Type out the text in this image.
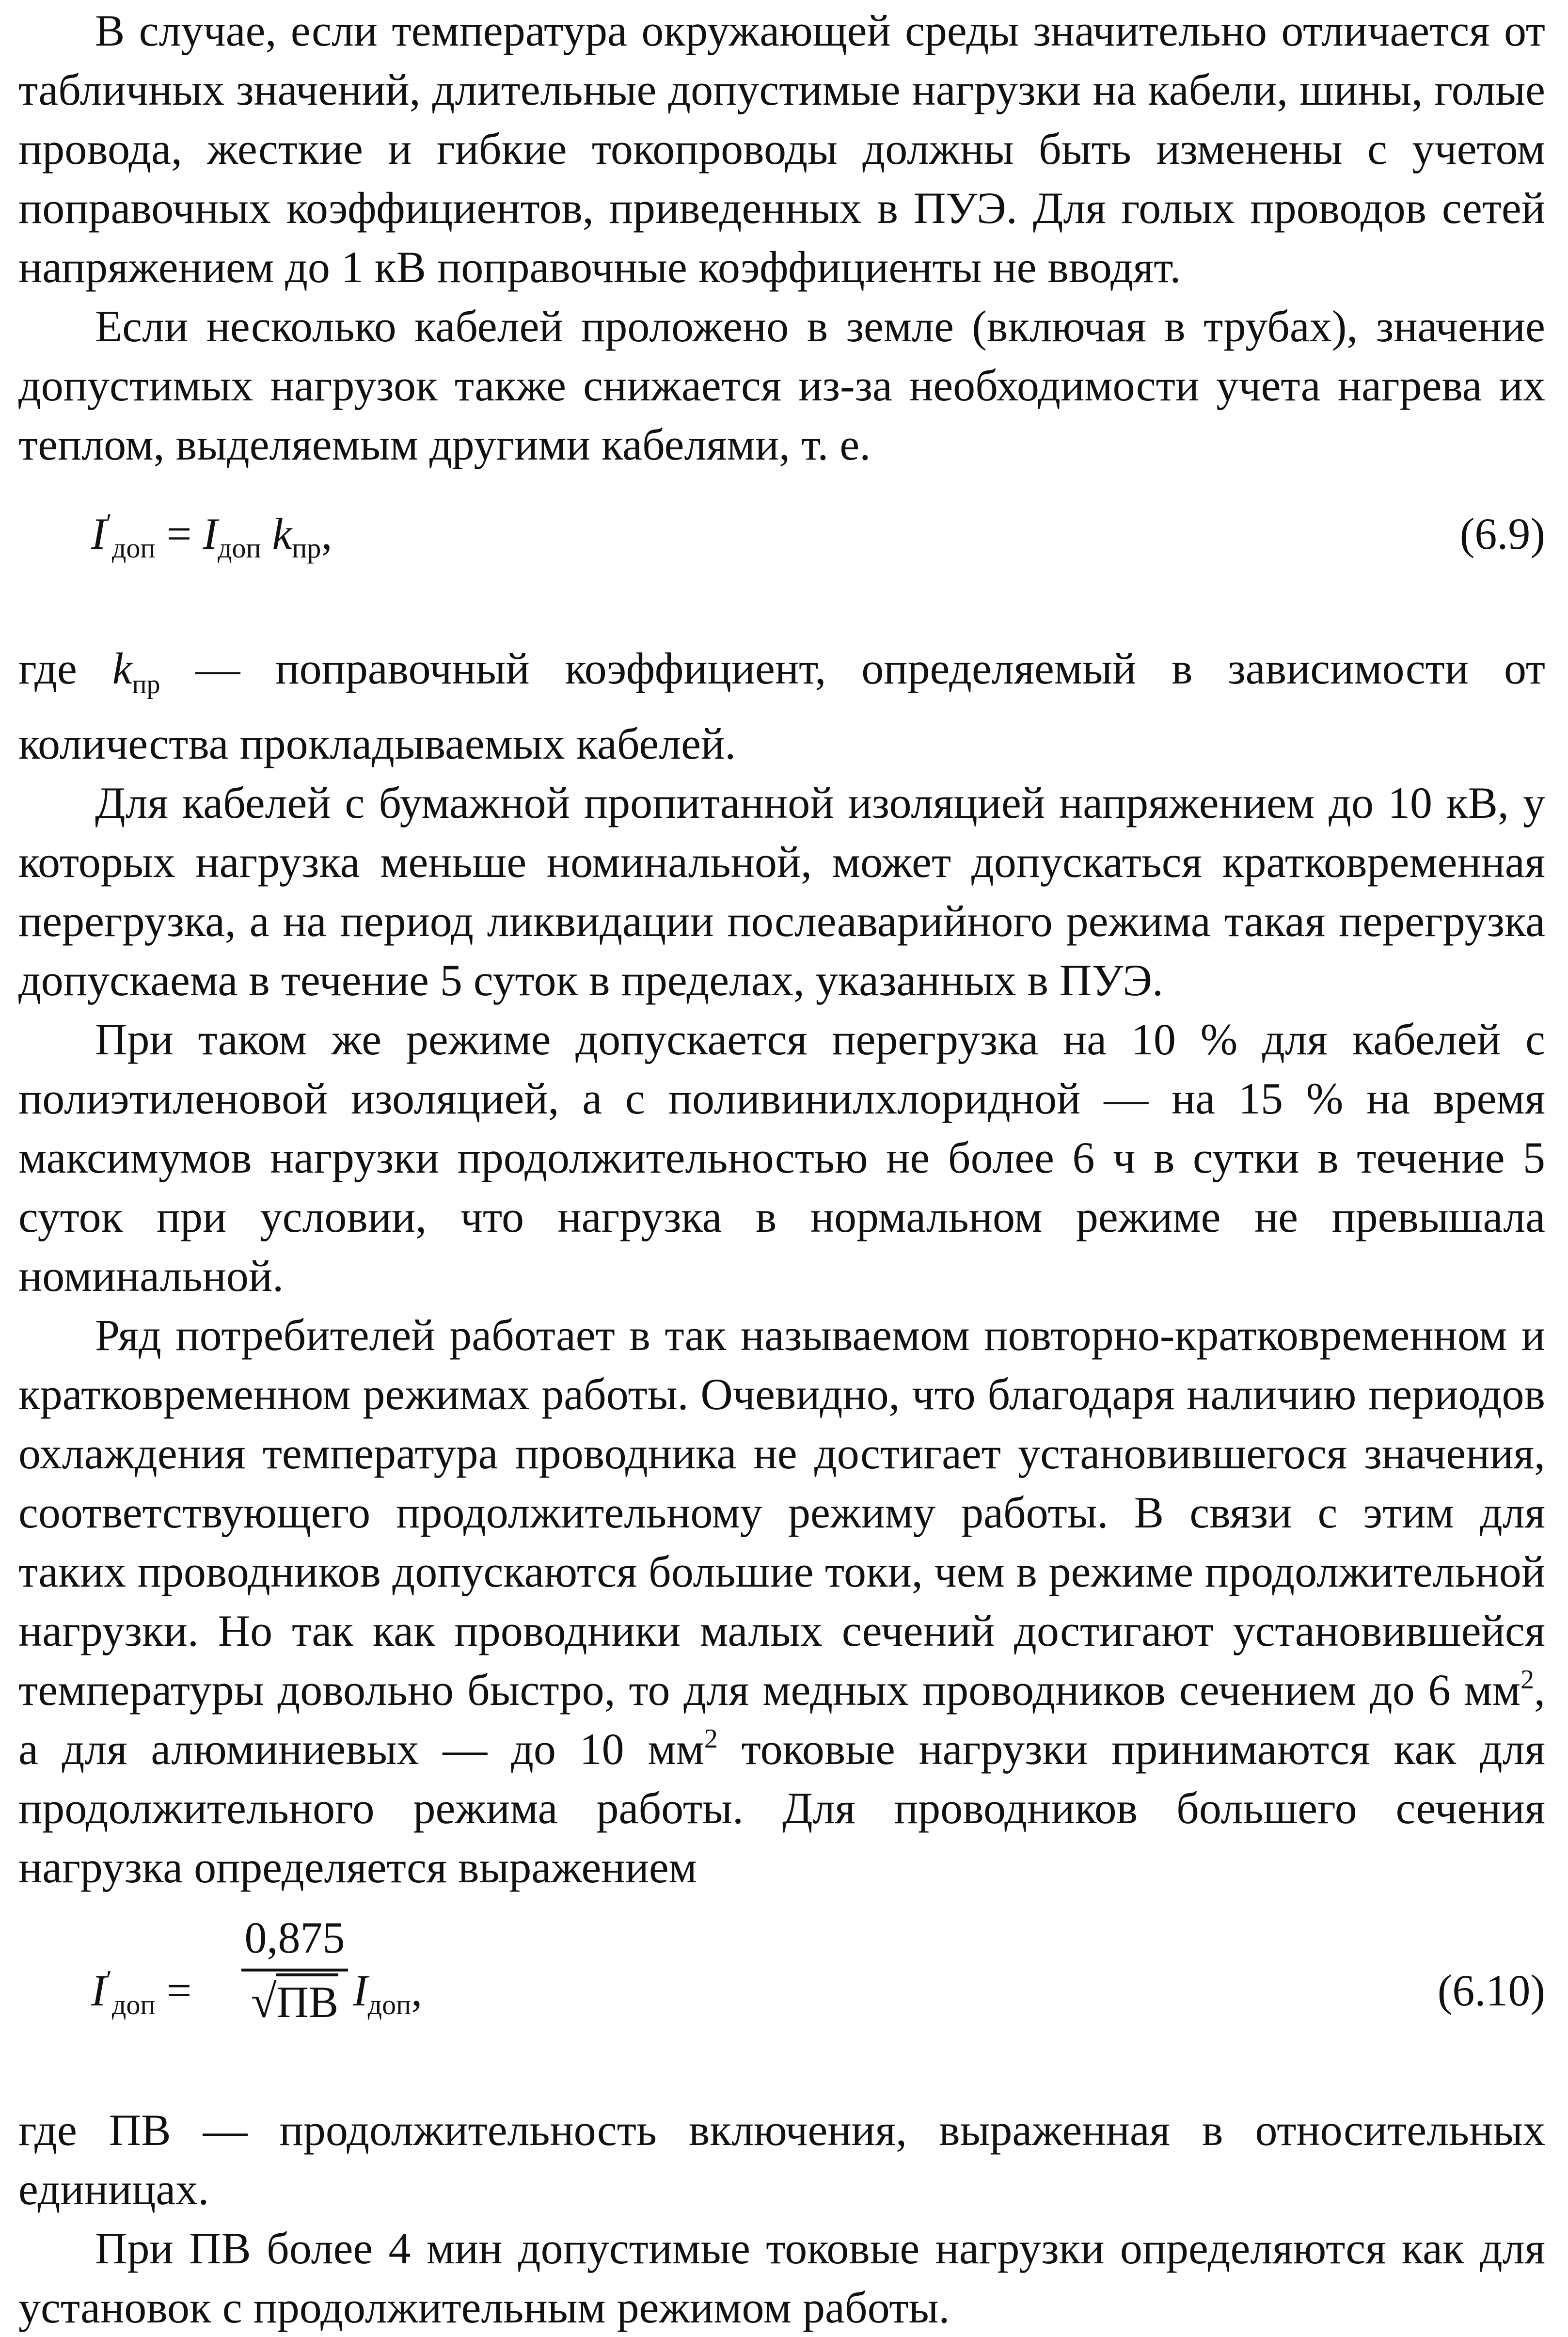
В случае, если температура окружающей среды значительно отличается от табличных значений, длительные допустимые нагрузки на кабели, шины, голые провода, жесткие и гибкие токопроводы должны быть изменены с учетом поправочных коэффициентов, приведенных в ПУЭ. Для голых проводов сетей напряжением до 1 кВ поправочные коэффициенты не вводят.

Если несколько кабелей проложено в земле (включая в трубах), значение допустимых нагрузок также снижается из-за необходимости учета нагрева их теплом, выделяемым другими кабелями, т. е.

$I'_{доп} = I_{доп}$ $k_{пр}$,	(6.9)

где $k_{пр}$ — поправочный коэффициент, определяемый в зависимости от количества прокладываемых кабелей.

Для кабелей с бумажной пропитанной изоляцией напряжением до 10 кВ, у которых нагрузка меньше номинальной, может допускаться кратковременная перегрузка, а на период ликвидации послеаварийного режима такая перегрузка допускаема в течение 5 суток в пределах, указанных в ПУЭ.

При таком же режиме допускается перегрузка на 10 % для кабелей с полиэтиленовой изоляцией, а с поливинилхлоридной — на 15 % на время максимумов нагрузки продолжительностью не более 6 ч в сутки в течение 5 суток при условии, что нагрузка в нормальном режиме не превышала номинальной.

Ряд потребителей работает в так называемом повторно-кратковременном и кратковременном режимах работы. Очевидно, что благодаря наличию периодов охлаждения температура проводника не достигает установившегося значения, соответствующего продолжительному режиму работы. В связи с этим для таких проводников допускаются большие токи, чем в режиме продолжительной нагрузки. Но так как проводники малых сечений достигают установившейся температуры довольно быстро, то для медных проводников сечением до 6 $мм^2$, а для алюминиевых — до 10 $мм^2$ токовые нагрузки принимаются как для продолжительного режима работы. Для проводников большего сечения нагрузка определяется выражением

$I'_{доп}$ =
0,875
√ПВ $I_{доп}$,	(6.10)

где ПВ — продолжительность включения, выраженная в относительных единицах.

При ПВ более 4 мин допустимые токовые нагрузки определяются как для установок с продолжительным режимом работы.
